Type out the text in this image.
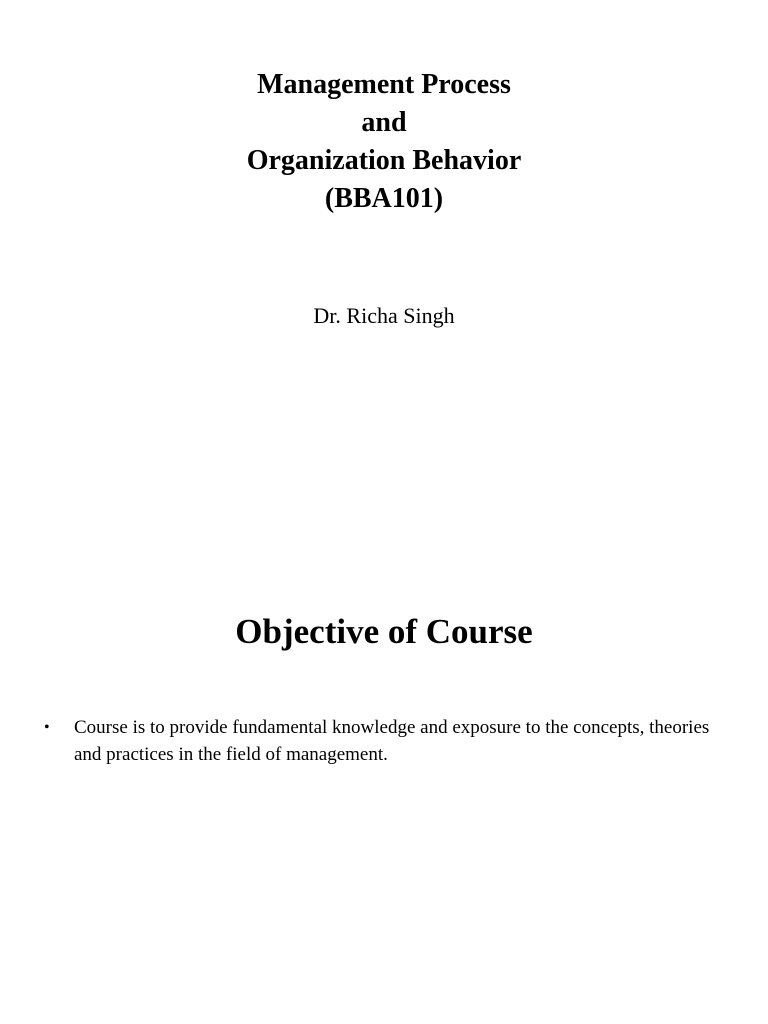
Management Process
and
Organization Behavior
(BBA101)
Dr. Richa Singh
Objective of Course
• Course is to provide fundamental knowledge and exposure to the concepts, theories and practices in the field of management.
